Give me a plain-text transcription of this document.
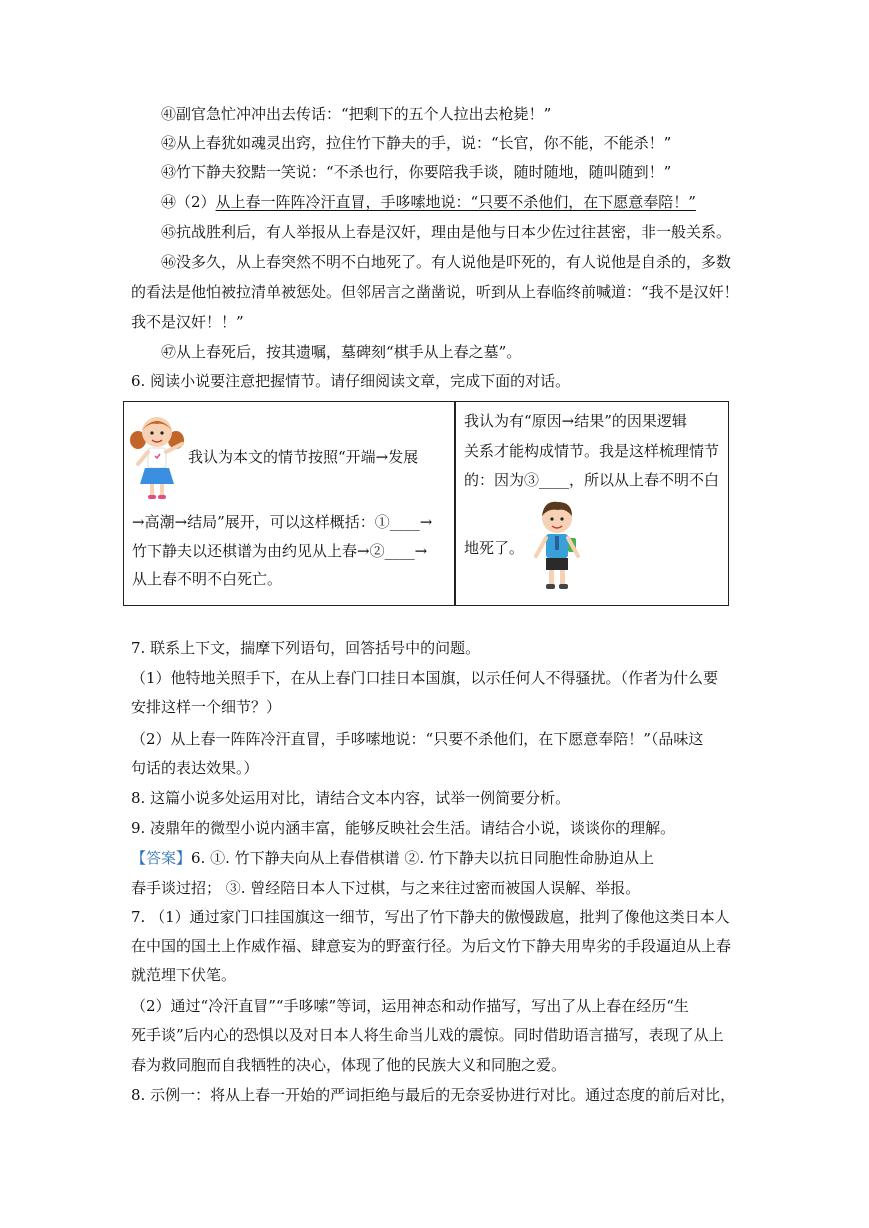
㊶副官急忙冲冲出去传话：“把剩下的五个人拉出去枪毙！”
㊷从上春犹如魂灵出窍，拉住竹下静夫的手，说：“长官，你不能，不能杀！”
㊸竹下静夫狡黠一笑说：“不杀也行，你要陪我手谈，随时随地，随叫随到！”
㊹（2）从上春一阵阵冷汗直冒，手哆嗦地说：“只要不杀他们，在下愿意奉陪！”
㊺抗战胜利后，有人举报从上春是汉奸，理由是他与日本少佐过往甚密，非一般关系。
㊻没多久，从上春突然不明不白地死了。有人说他是吓死的，有人说他是自杀的，多数
的看法是他怕被拉清单被惩处。但邻居言之凿凿说，听到从上春临终前喊道：“我不是汉奸！
我不是汉奸！！”
㊼从上春死后，按其遗嘱，墓碑刻“棋手从上春之墓”。
6. 阅读小说要注意把握情节。请仔细阅读文章，完成下面的对话。
我认为本文的情节按照“开端→发展
→高潮→结局”展开，可以这样概括：①____→
竹下静夫以还棋谱为由约见从上春→②____→
从上春不明不白死亡。
我认为有“原因→结果”的因果逻辑
关系才能构成情节。我是这样梳理情节
的：因为③____，所以从上春不明不白
地死了。
7. 联系上下文，揣摩下列语句，回答括号中的问题。
（1）他特地关照手下，在从上春门口挂日本国旗，以示任何人不得骚扰。（作者为什么要
安排这样一个细节？）
（2）从上春一阵阵冷汗直冒，手哆嗦地说：“只要不杀他们，在下愿意奉陪！”（品味这
句话的表达效果。）
8. 这篇小说多处运用对比，请结合文本内容，试举一例简要分析。
9. 凌鼎年的微型小说内涵丰富，能够反映社会生活。请结合小说，谈谈你的理解。
【答案】6. ①. 竹下静夫向从上春借棋谱 ②. 竹下静夫以抗日同胞性命胁迫从上
春手谈过招； ③. 曾经陪日本人下过棋，与之来往过密而被国人误解、举报。
7. （1）通过家门口挂国旗这一细节，写出了竹下静夫的傲慢跋扈，批判了像他这类日本人
在中国的国土上作威作福、肆意妄为的野蛮行径。为后文竹下静夫用卑劣的手段逼迫从上春
就范埋下伏笔。
（2）通过“冷汗直冒”“手哆嗦”等词，运用神态和动作描写，写出了从上春在经历“生
死手谈”后内心的恐惧以及对日本人将生命当儿戏的震惊。同时借助语言描写，表现了从上
春为救同胞而自我牺牲的决心，体现了他的民族大义和同胞之爱。
8. 示例一：将从上春一开始的严词拒绝与最后的无奈妥协进行对比。通过态度的前后对比，
